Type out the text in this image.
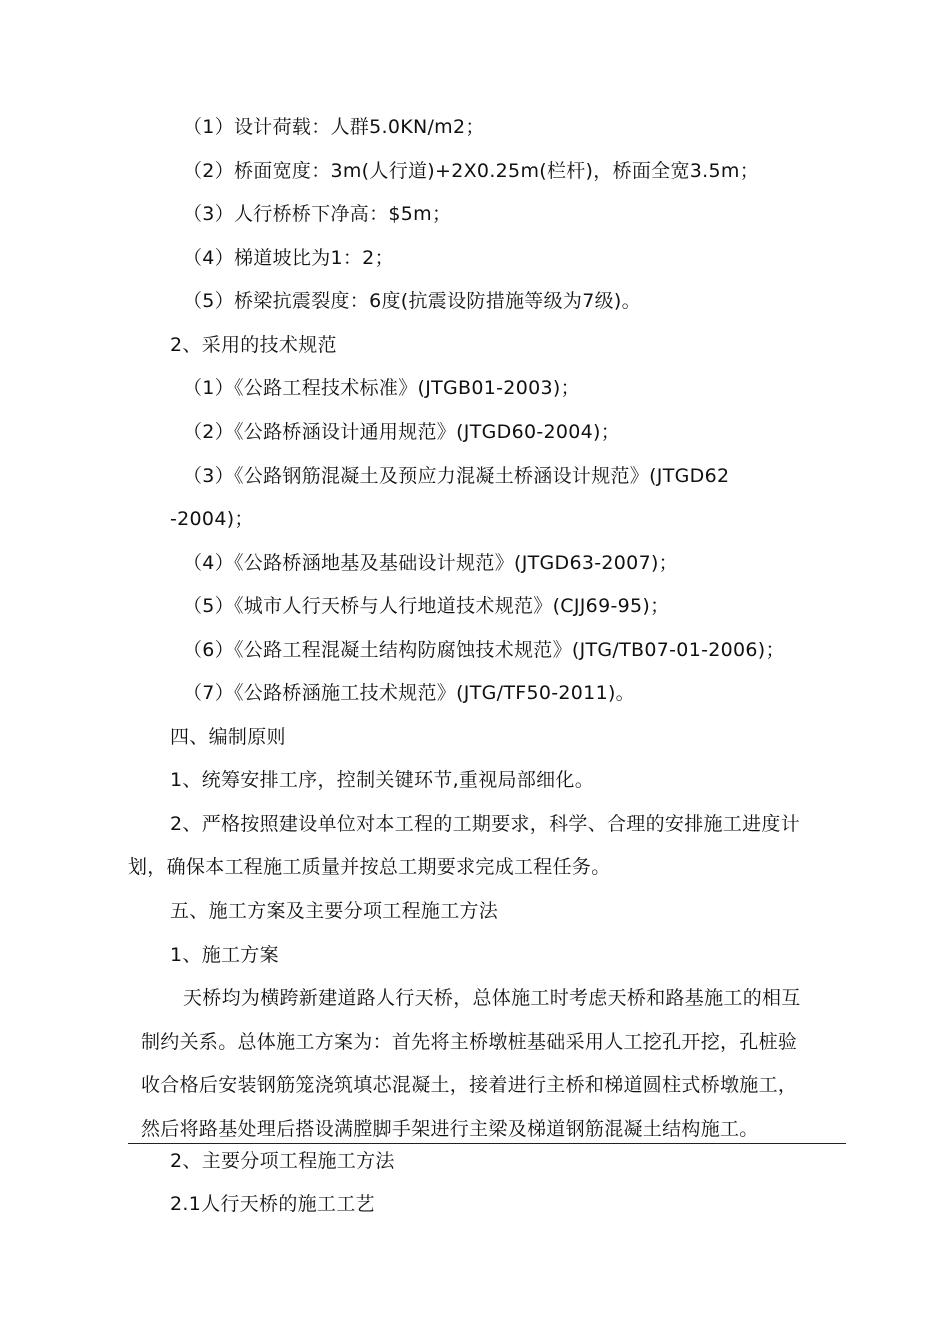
（1）设计荷载：人群5.0KN/m2；
（2）桥面宽度：3m(人行道)+2X0.25m(栏杆)，桥面全宽3.5m；
（3）人行桥桥下净高：$5m；
（4）梯道坡比为1：2；
（5）桥梁抗震裂度：6度(抗震设防措施等级为7级)。
2、采用的技术规范
（1）《公路工程技术标准》(JTGB01-2003)；
（2）《公路桥涵设计通用规范》(JTGD60-2004)；
（3）《公路钢筋混凝土及预应力混凝土桥涵设计规范》(JTGD62
-2004)；
（4）《公路桥涵地基及基础设计规范》(JTGD63-2007)；
（5）《城市人行天桥与人行地道技术规范》(CJJ69-95)；
（6）《公路工程混凝土结构防腐蚀技术规范》(JTG/TB07-01-2006)；
（7）《公路桥涵施工技术规范》(JTG/TF50-2011)。
四、编制原则
1、统筹安排工序，控制关键环节,重视局部细化。
2、严格按照建设单位对本工程的工期要求，科学、合理的安排施工进度计
划，确保本工程施工质量并按总工期要求完成工程任务。
五、施工方案及主要分项工程施工方法
1、施工方案
天桥均为横跨新建道路人行天桥，总体施工时考虑天桥和路基施工的相互
制约关系。总体施工方案为：首先将主桥墩桩基础采用人工挖孔开挖，孔桩验
收合格后安装钢筋笼浇筑填芯混凝土，接着进行主桥和梯道圆柱式桥墩施工，
然后将路基处理后搭设满膛脚手架进行主梁及梯道钢筋混凝土结构施工。
2、主要分项工程施工方法
2.1人行天桥的施工工艺
